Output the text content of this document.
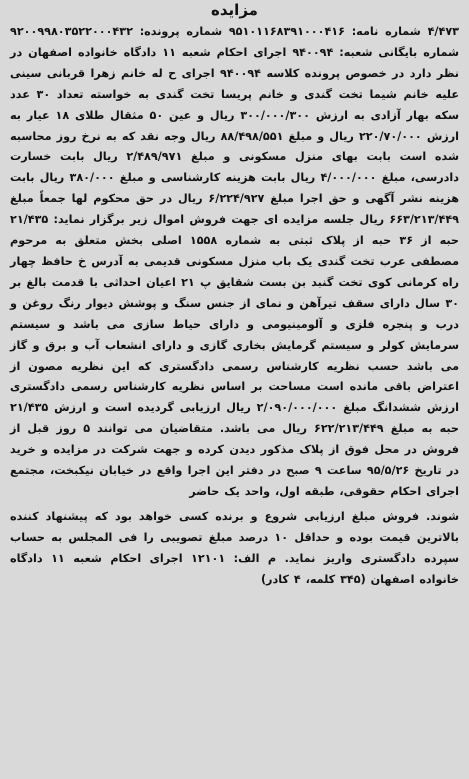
مزایده

۴/۴۷۳ شماره نامه: ۹۵۱۰۱۱۶۸۳۹۱۰۰۰۴۱۶ شماره پرونده: ۹۲۰۰۹۹۸۰۳۵۲۲۰۰۰۴۳۲ شماره بایگانی شعبه: ۹۴۰۰۹۴ اجرای احکام شعبه ۱۱ دادگاه خانواده اصفهان در نظر دارد در خصوص پرونده کلاسه ۹۴۰۰۹۴ اجرای ح له خانم زهرا قربانی سینی علیه خانم شیما تخت گندی و خانم پریسا تخت گندی به خواسته تعداد ۳۰ عدد سکه بهار آزادی به ارزش ۳۰۰/۰۰۰/۳۰۰ ریال و عین ۵۰ مثقال طلای ۱۸ عیار به ارزش ۲۲۰/۷۰/۰۰۰ ریال و مبلغ ۸۸/۴۹۸/۵۵۱ ریال وجه نقد که به نرخ روز محاسبه شده است بابت بهای منزل مسکونی و مبلغ ۲/۴۸۹/۹۷۱ ریال بابت خسارت دادرسی، مبلغ ۴/۰۰۰/۰۰۰ ریال بابت هزینه کارشناسی و مبلغ ۳۸۰/۰۰۰ ریال بابت هزینه نشر آگهی و حق اجرا مبلغ ۶/۲۲۴/۹۲۷ ریال در حق محکوم لها جمعاً مبلغ ۶۶۳/۲۱۳/۴۴۹ ریال جلسه مزایده ای جهت فروش اموال زیر برگزار نماید: ۲۱/۴۳۵ حبه از ۳۶ حبه از پلاک ثبتی به شماره ۱۵۵۸ اصلی بخش متعلق به مرحوم مصطفی عرب تخت گندی یک باب منزل مسکونی قدیمی به آدرس خ حافظ چهار راه کرمانی کوی تخت گنبد بن بست شقایق پ ۲۱ اعیان احداثی با قدمت بالغ بر ۳۰ سال دارای سقف تیرآهن و نمای از جنس سنگ و پوشش دیوار رنگ روغن و درب و پنجره فلزی و آلومینیومی و دارای حیاط سازی می باشد و سیستم سرمایش کولر و سیستم گرمایش بخاری گازی و دارای انشعاب آب و برق و گاز می باشد حسب نظریه کارشناس رسمی دادگستری که این نظریه مصون از اعتراض باقی مانده است مساحت بر اساس نظریه کارشناس رسمی دادگستری ارزش ششدانگ مبلغ ۲/۰۹۰/۰۰۰/۰۰۰ ریال ارزیابی گردیده است و ارزش ۲۱/۴۳۵ حبه به مبلغ ۶۲۲/۲۱۳/۴۴۹ ریال می باشد. متقاضیان می توانند ۵ روز قبل از فروش در محل فوق از پلاک مذکور دیدن کرده و جهت شرکت در مزایده و خرید در تاریخ ۹۵/۵/۲۶ ساعت ۹ صبح در دفتر این اجرا واقع در خیابان نیکبخت، مجتمع اجرای احکام حقوقی، طبقه اول، واحد یک حاضر

شوند. فروش مبلغ ارزیابی شروع و برنده کسی خواهد بود که پیشنهاد کننده بالاترین قیمت بوده و حداقل ۱۰ درصد مبلغ تصویبی را فی المجلس به حساب سپرده دادگستری واریز نماید. م الف: ۱۲۱۰۱ اجرای احکام شعبه ۱۱ دادگاه خانواده اصفهان (۳۴۵ کلمه، ۴ کادر)
